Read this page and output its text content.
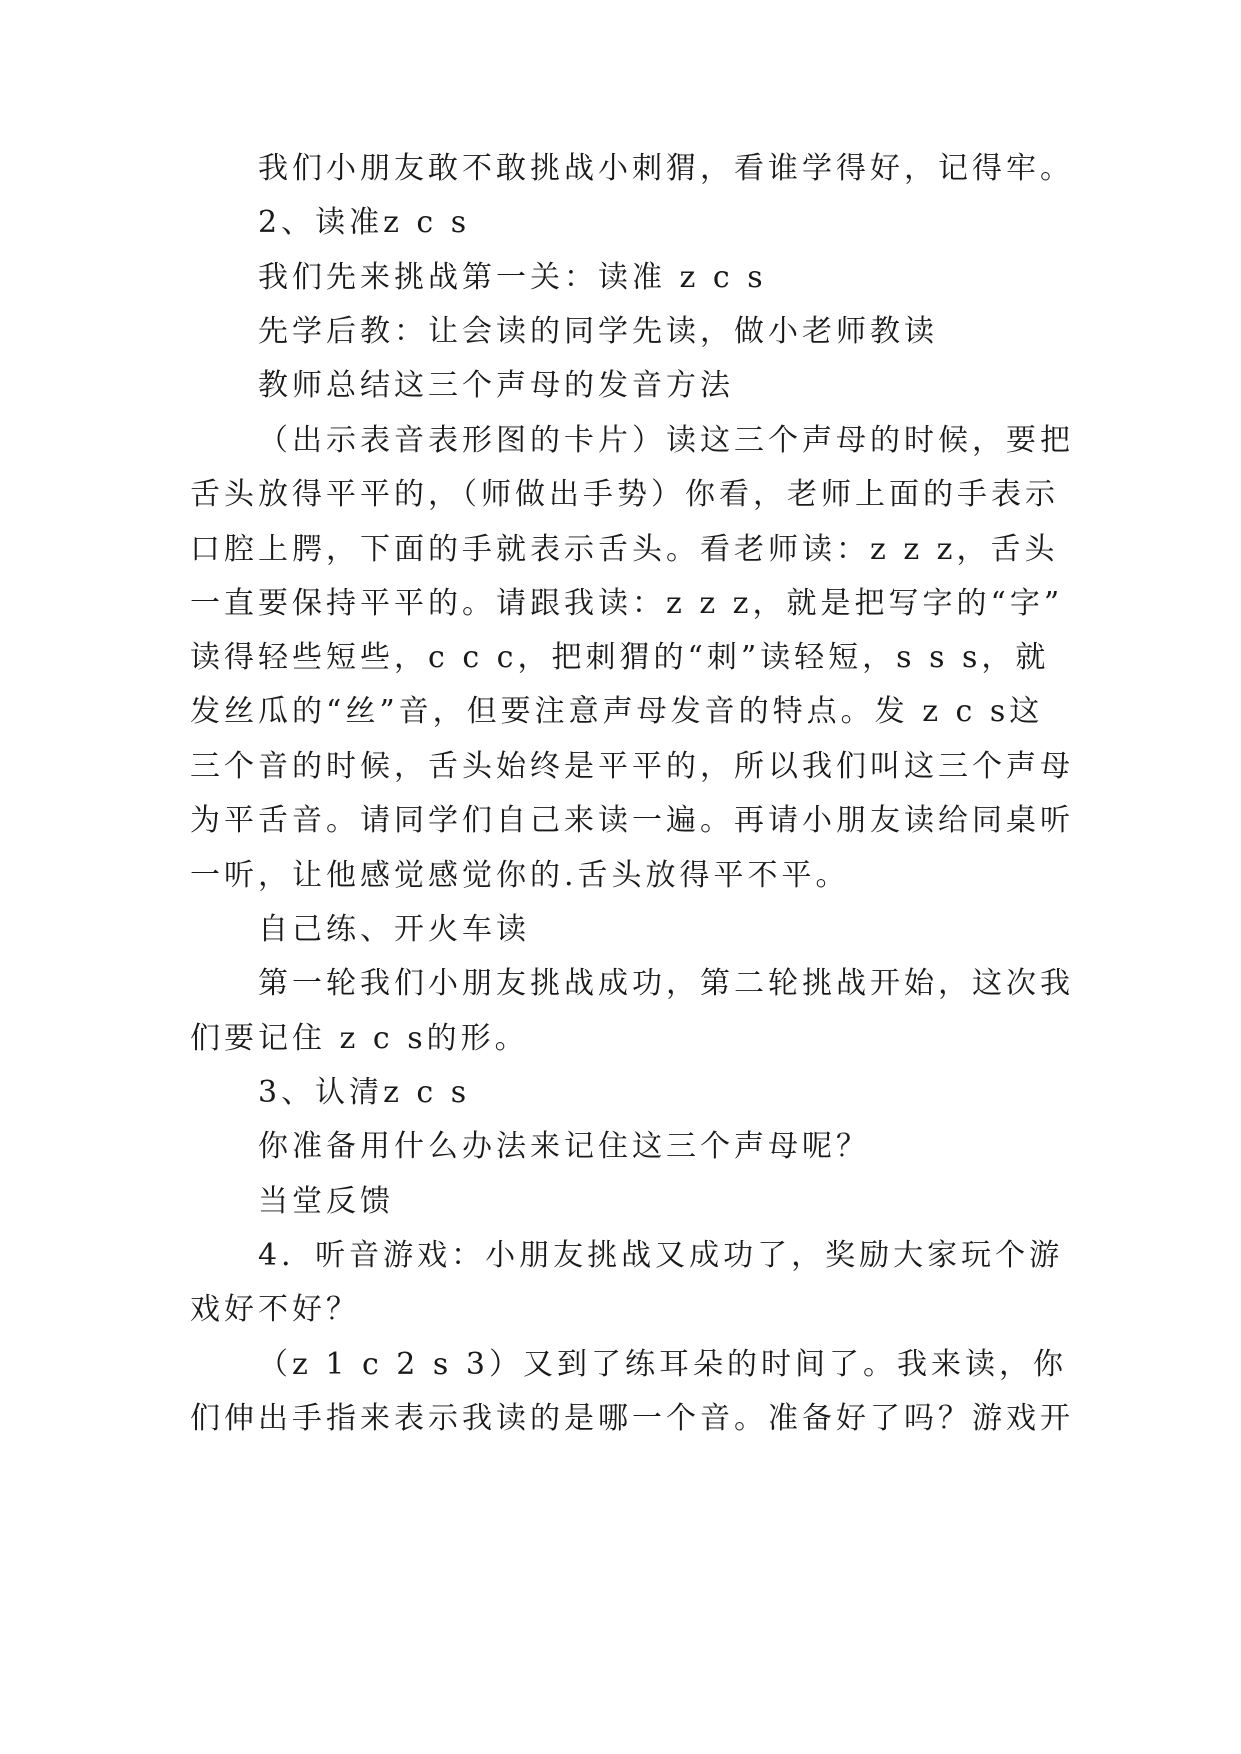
我们小朋友敢不敢挑战小刺猬，看谁学得好，记得牢。
2、读准z c s
我们先来挑战第一关：读准 z c s
先学后教：让会读的同学先读，做小老师教读
教师总结这三个声母的发音方法
（出示表音表形图的卡片）读这三个声母的时候，要把
舌头放得平平的，（师做出手势）你看，老师上面的手表示
口腔上腭，下面的手就表示舌头。看老师读：z z z，舌头
一直要保持平平的。请跟我读：z z z，就是把写字的“字”
读得轻些短些，c c c，把刺猬的“刺”读轻短，s s s，就
发丝瓜的“丝”音，但要注意声母发音的特点。发 z c s这
三个音的时候，舌头始终是平平的，所以我们叫这三个声母
为平舌音。请同学们自己来读一遍。再请小朋友读给同桌听
一听，让他感觉感觉你的.舌头放得平不平。
自己练、开火车读
第一轮我们小朋友挑战成功，第二轮挑战开始，这次我
们要记住 z c s的形。
3、认清z c s
你准备用什么办法来记住这三个声母呢？
当堂反馈
4．听音游戏：小朋友挑战又成功了，奖励大家玩个游
戏好不好？
（z 1 c 2 s 3）又到了练耳朵的时间了。我来读，你
们伸出手指来表示我读的是哪一个音。准备好了吗？游戏开
